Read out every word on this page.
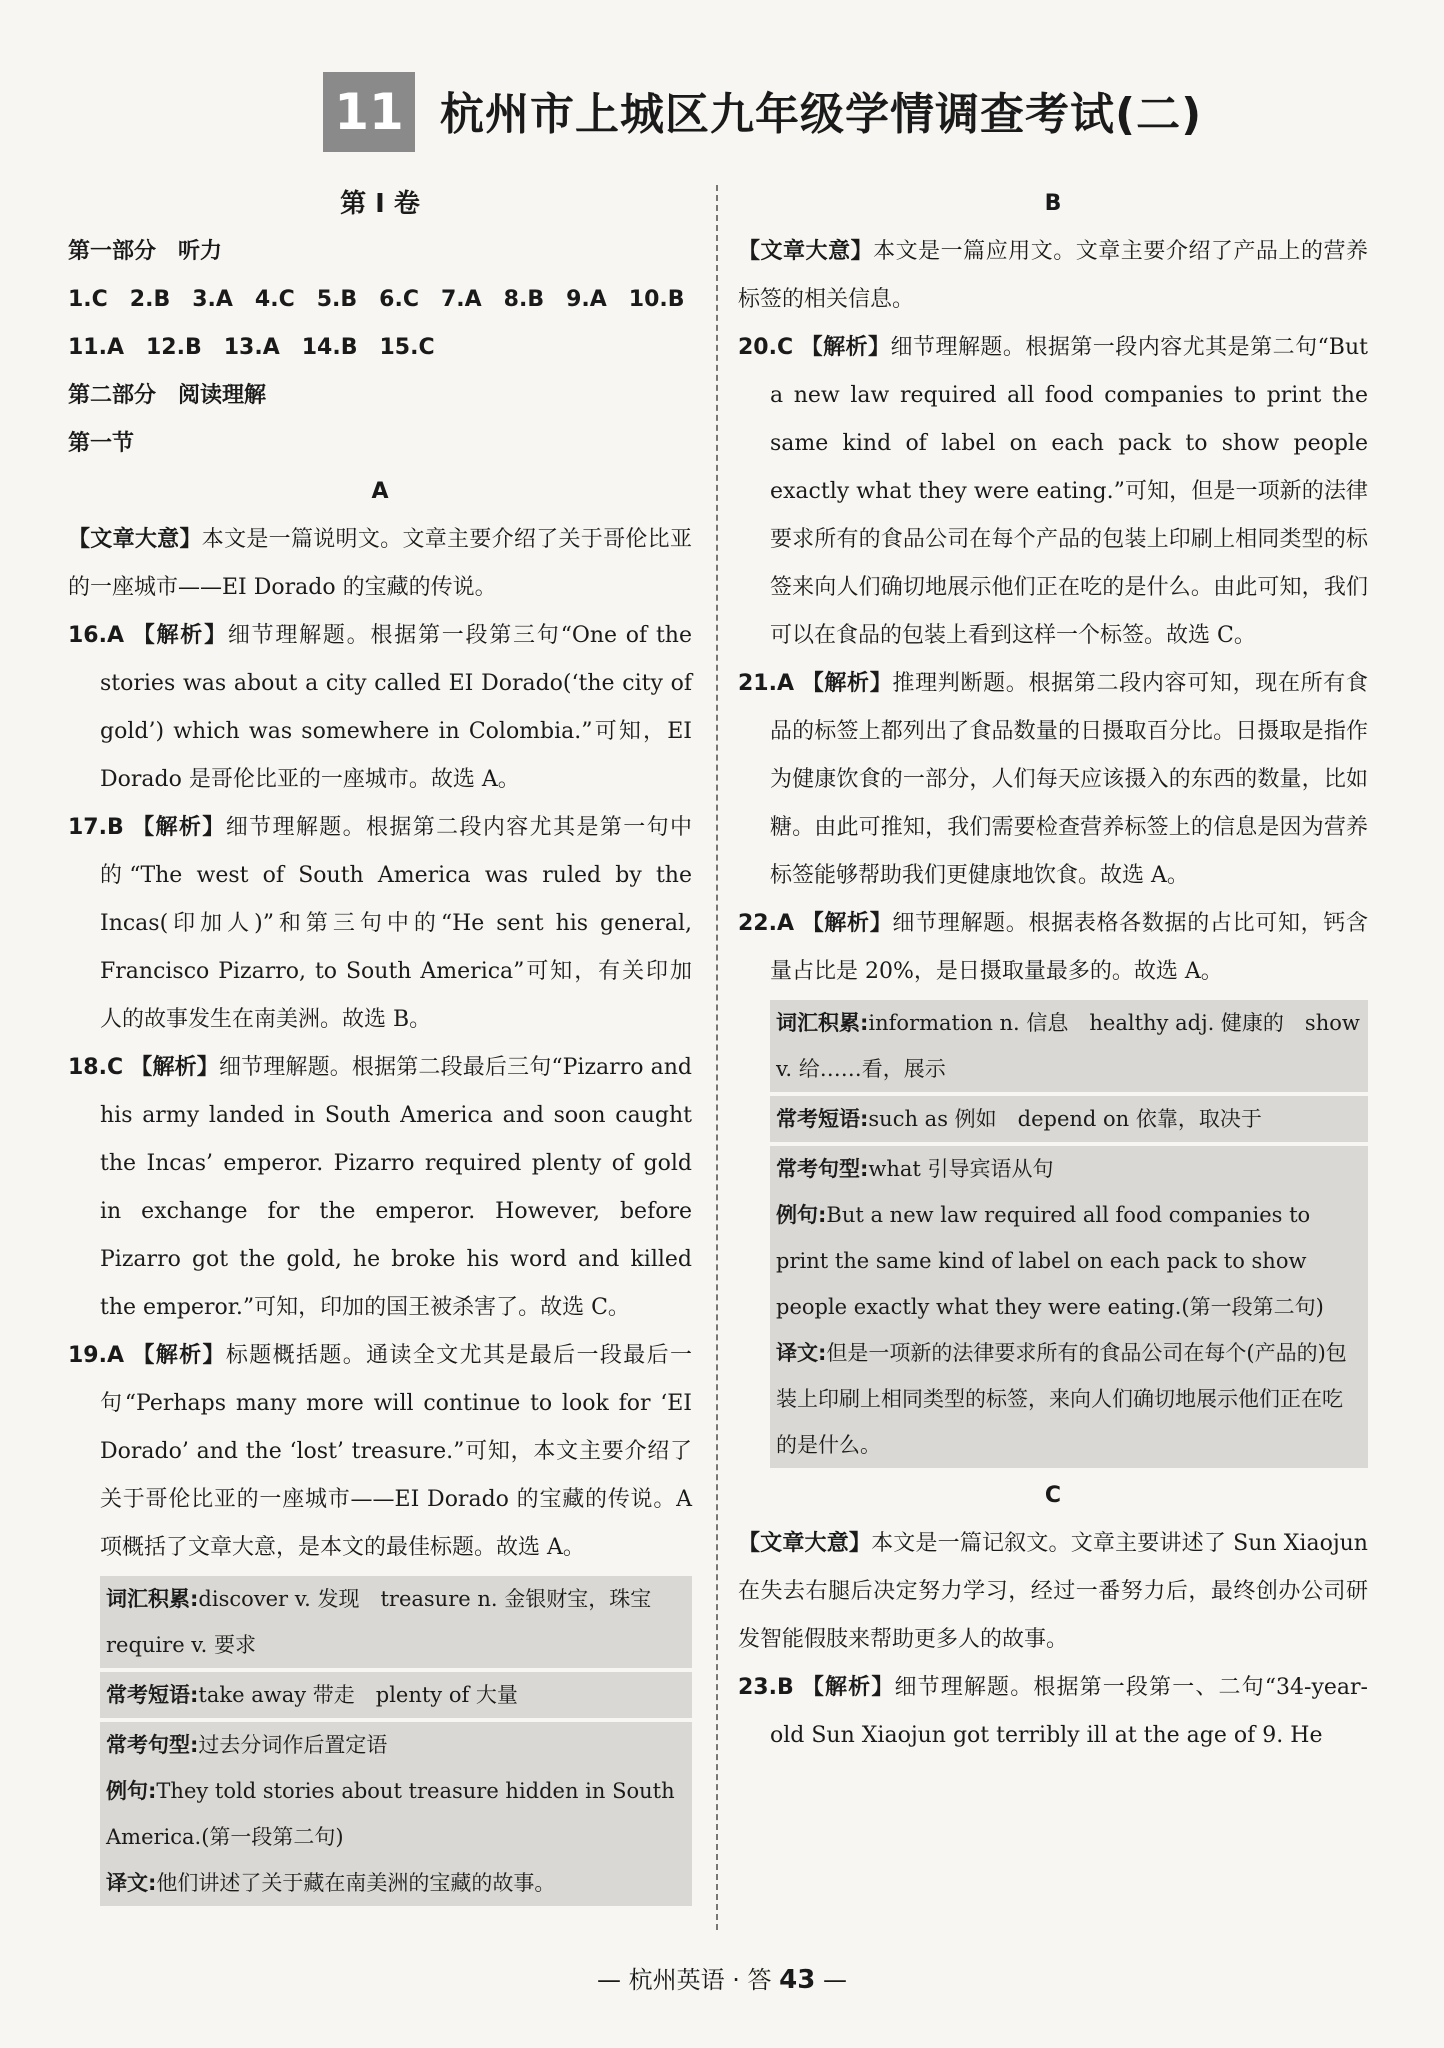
11 杭州市上城区九年级学情调查考试(二)

第 I 卷

第一部分　听力

1.C　2.B　3.A　4.C　5.B　6.C　7.A　8.B　9.A　10.B

11.A　12.B　13.A　14.B　15.C

第二部分　阅读理解

第一节

A

【文章大意】本文是一篇说明文。文章主要介绍了关于哥伦比亚的一座城市——EI Dorado 的宝藏的传说。

16.A 【解析】细节理解题。根据第一段第三句“One of the stories was about a city called EI Dorado(‘the city of gold’) which was somewhere in Colombia.”可知，EI Dorado 是哥伦比亚的一座城市。故选 A。

17.B 【解析】细节理解题。根据第二段内容尤其是第一句中的“The west of South America was ruled by the Incas(印加人)”和第三句中的“He sent his general, Francisco Pizarro, to South America”可知，有关印加人的故事发生在南美洲。故选 B。

18.C 【解析】细节理解题。根据第二段最后三句“Pizarro and his army landed in South America and soon caught the Incas’ emperor. Pizarro required plenty of gold in exchange for the emperor. However, before Pizarro got the gold, he broke his word and killed the emperor.”可知，印加的国王被杀害了。故选 C。

19.A 【解析】标题概括题。通读全文尤其是最后一段最后一句“Perhaps many more will continue to look for ‘EI Dorado’ and the ‘lost’ treasure.”可知，本文主要介绍了关于哥伦比亚的一座城市——EI Dorado 的宝藏的传说。A 项概括了文章大意，是本文的最佳标题。故选 A。

词汇积累:discover v. 发现　treasure n. 金银财宝，珠宝　require v. 要求

常考短语:take away 带走　plenty of 大量

常考句型:过去分词作后置定语

例句:They told stories about treasure hidden in South America.(第一段第二句)

译文:他们讲述了关于藏在南美洲的宝藏的故事。

B

【文章大意】本文是一篇应用文。文章主要介绍了产品上的营养标签的相关信息。

20.C 【解析】细节理解题。根据第一段内容尤其是第二句“But a new law required all food companies to print the same kind of label on each pack to show people exactly what they were eating.”可知，但是一项新的法律要求所有的食品公司在每个产品的包装上印刷上相同类型的标签来向人们确切地展示他们正在吃的是什么。由此可知，我们可以在食品的包装上看到这样一个标签。故选 C。

21.A 【解析】推理判断题。根据第二段内容可知，现在所有食品的标签上都列出了食品数量的日摄取百分比。日摄取是指作为健康饮食的一部分，人们每天应该摄入的东西的数量，比如糖。由此可推知，我们需要检查营养标签上的信息是因为营养标签能够帮助我们更健康地饮食。故选 A。

22.A 【解析】细节理解题。根据表格各数据的占比可知，钙含量占比是 20%，是日摄取量最多的。故选 A。

词汇积累:information n. 信息　healthy adj. 健康的　show v. 给……看，展示

常考短语:such as 例如　depend on 依靠，取决于

常考句型:what 引导宾语从句

例句:But a new law required all food companies to print the same kind of label on each pack to show people exactly what they were eating.(第一段第二句)

译文:但是一项新的法律要求所有的食品公司在每个(产品的)包装上印刷上相同类型的标签，来向人们确切地展示他们正在吃的是什么。

C

【文章大意】本文是一篇记叙文。文章主要讲述了 Sun Xiaojun 在失去右腿后决定努力学习，经过一番努力后，最终创办公司研发智能假肢来帮助更多人的故事。

23.B 【解析】细节理解题。根据第一段第一、二句“34-year-old Sun Xiaojun got terribly ill at the age of 9. He

— 杭州英语 · 答 43 —
